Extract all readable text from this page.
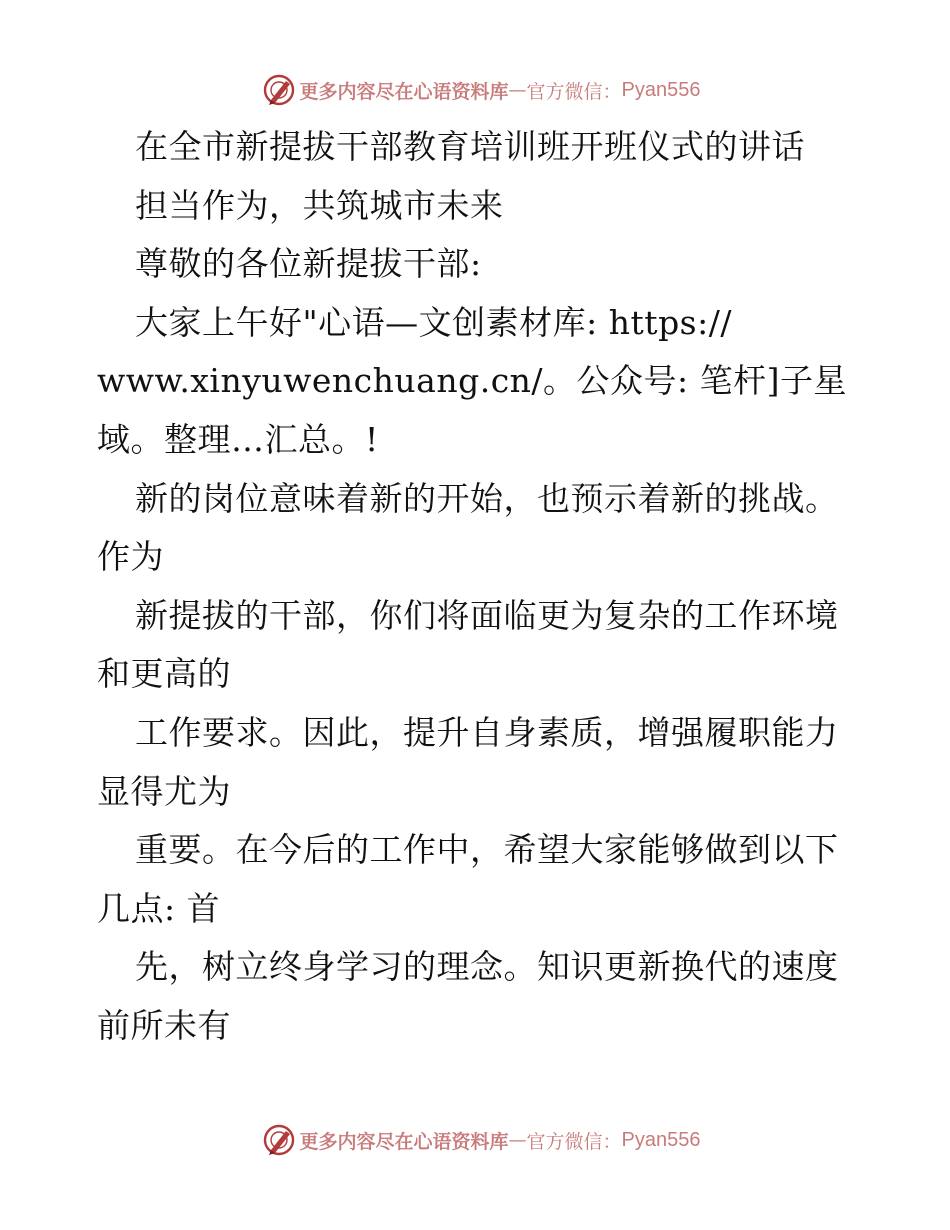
更多内容尽在心语资料库 — 官方微信： Pyan556
在全市新提拔干部教育培训班开班仪式的讲话
担当作为，共筑城市未来
尊敬的各位新提拔干部:
大家上午好"心语—文创素材库: https://
www.xinyuwenchuang.cn/。公众号: 笔杆]子星
域。整理…汇总。!
新的岗位意味着新的开始，也预示着新的挑战。
作为
新提拔的干部，你们将面临更为复杂的工作环境
和更高的
工作要求。因此，提升自身素质，增强履职能力
显得尤为
重要。在今后的工作中，希望大家能够做到以下
几点: 首
先，树立终身学习的理念。知识更新换代的速度
前所未有
更多内容尽在心语资料库 — 官方微信： Pyan556
